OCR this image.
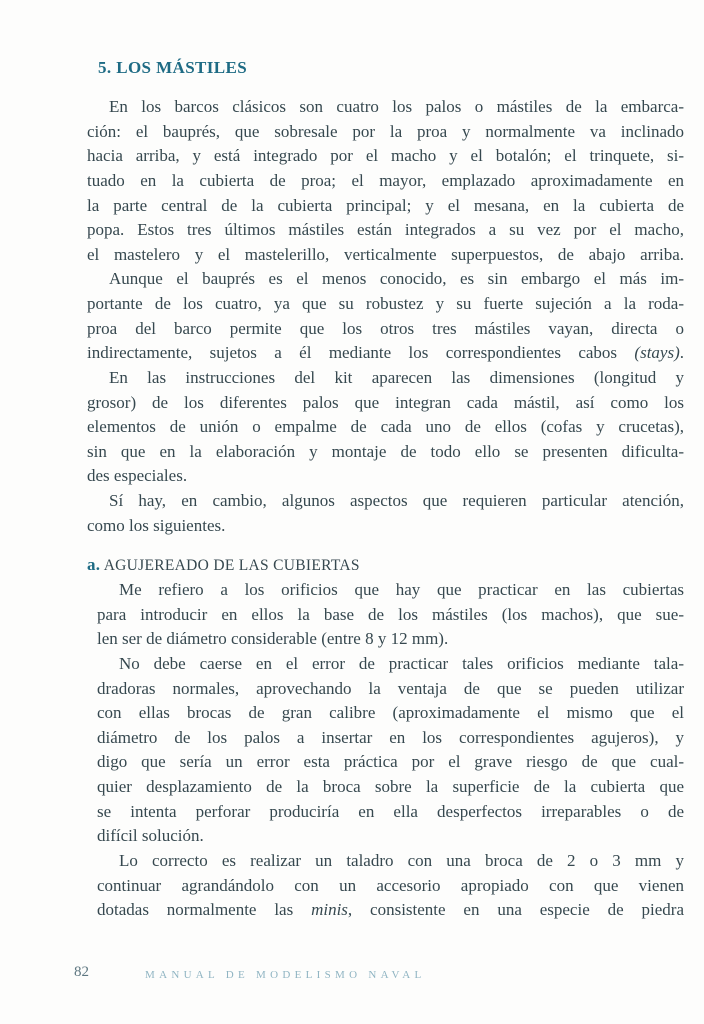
5. LOS MÁSTILES
En los barcos clásicos son cuatro los palos o mástiles de la embarca-
ción: el bauprés, que sobresale por la proa y normalmente va inclinado
hacia arriba, y está integrado por el macho y el botalón; el trinquete, si-
tuado en la cubierta de proa; el mayor, emplazado aproximadamente en
la parte central de la cubierta principal; y el mesana, en la cubierta de
popa. Estos tres últimos mástiles están integrados a su vez por el macho,
el mastelero y el mastelerillo, verticalmente superpuestos, de abajo arriba.
Aunque el bauprés es el menos conocido, es sin embargo el más im-
portante de los cuatro, ya que su robustez y su fuerte sujeción a la roda-
proa del barco permite que los otros tres mástiles vayan, directa o
indirectamente, sujetos a él mediante los correspondientes cabos (stays).
En las instrucciones del kit aparecen las dimensiones (longitud y
grosor) de los diferentes palos que integran cada mástil, así como los
elementos de unión o empalme de cada uno de ellos (cofas y crucetas),
sin que en la elaboración y montaje de todo ello se presenten dificulta-
des especiales.
Sí hay, en cambio, algunos aspectos que requieren particular atención,
como los siguientes.
a. AGUJEREADO DE LAS CUBIERTAS
Me refiero a los orificios que hay que practicar en las cubiertas
para introducir en ellos la base de los mástiles (los machos), que sue-
len ser de diámetro considerable (entre 8 y 12 mm).
No debe caerse en el error de practicar tales orificios mediante tala-
dradoras normales, aprovechando la ventaja de que se pueden utilizar
con ellas brocas de gran calibre (aproximadamente el mismo que el
diámetro de los palos a insertar en los correspondientes agujeros), y
digo que sería un error esta práctica por el grave riesgo de que cual-
quier desplazamiento de la broca sobre la superficie de la cubierta que
se intenta perforar produciría en ella desperfectos irreparables o de
difícil solución.
Lo correcto es realizar un taladro con una broca de 2 o 3 mm y
continuar agrandándolo con un accesorio apropiado con que vienen
dotadas normalmente las minis, consistente en una especie de piedra
82	MANUAL DE MODELISMO NAVAL
